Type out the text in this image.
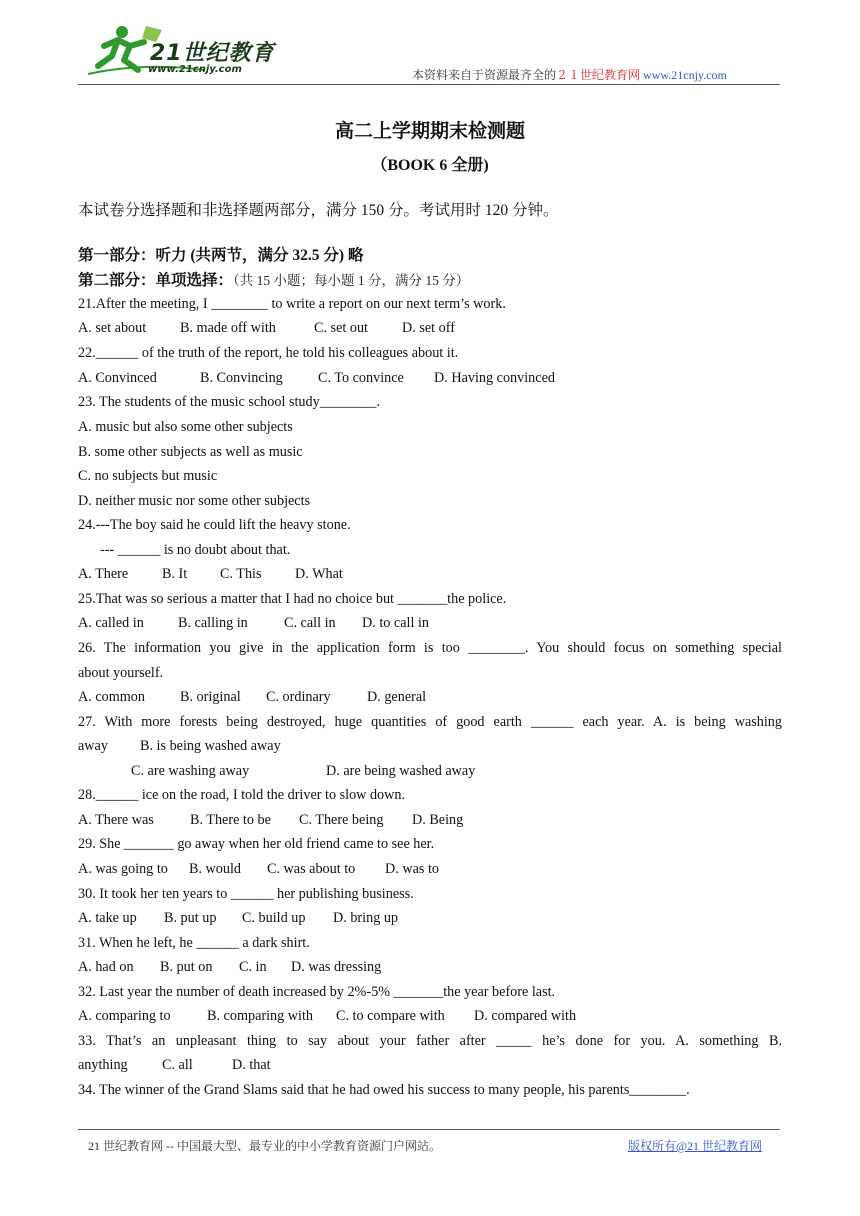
21世纪教育
www.21cnjy.com	本资料来自于资源最齐全的２１世纪教育网 www.21cnjy.com
高二上学期期末检测题
（BOOK 6 全册)
本试卷分选择题和非选择题两部分，满分 150 分。考试用时 120 分钟。
第一部分：听力 (共两节，满分 32.5 分) 略
第二部分：单项选择：（共 15 小题；每小题 1 分，满分 15 分）
21.After the meeting, I ________ to write a report on our next term’s work.
A. set about B. made off with	C. set out D. set off
22.______ of the truth of the report, he told his colleagues about it.
A. Convinced	B. Convincing C. To convince D. Having convinced
23. The students of the music school study________.
A. music but also some other subjects
B. some other subjects as well as music
C. no subjects but music
D. neither music nor some other subjects
24.---The boy said he could lift the heavy stone.
--- ______ is no doubt about that.
A. There B. It C. This D. What
25.That was so serious a matter that I had no choice but _______the police.
A. called in B. calling in	C. call in D. to call in
26. The information you give in the application form is too ________. You should focus on something special
about yourself.
A. common B. original C. ordinary	D. general
27. With more forests being destroyed, huge quantities of good earth ______ each year. A. is being washing
away B. is being washed away
C. are washing away	D. are being washed away
28.______ ice on the road, I told the driver to slow down.
A. There was	B. There to be C. There being D. Being
29. She _______ go away when her old friend came to see her.
A. was going to B. would C. was about to D. was to
30. It took her ten years to ______ her publishing business.
A. take up B. put up C. build up D. bring up
31. When he left, he ______ a dark shirt.
A. had on B. put on C. in D. was dressing
32. Last year the number of death increased by 2%-5% _______the year before last.
A. comparing to	B. comparing with C. to compare with D. compared with
33. That’s an unpleasant thing to say about your father after _____ he’s done for you. A. something B.
anything C. all	D. that
34. The winner of the Grand Slams said that he had owed his success to many people, his parents________.
21 世纪教育网 -- 中国最大型、最专业的中小学教育资源门户网站。	版权所有@21 世纪教育网
